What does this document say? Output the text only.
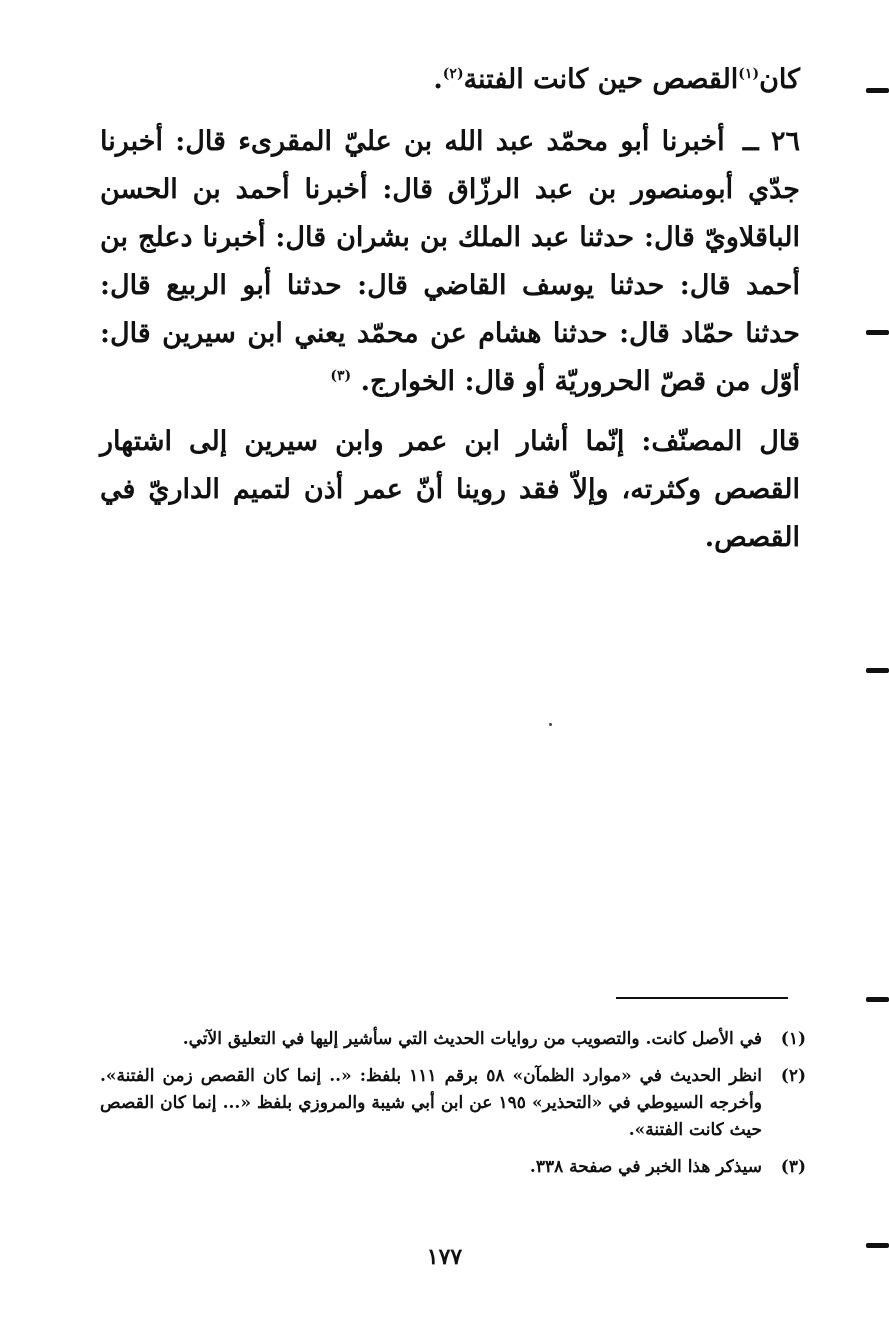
كان$^{(١)}$القصص حين كانت الفتنة$^{(٢)}$.

٢٦ ــ أخبرنا أبو محمّد عبد الله بن عليّ المقرىء قال: أخبرنا جدّي أبومنصور بن عبد الرزّاق قال: أخبرنا أحمد بن الحسن الباقلاويّ قال: حدثنا عبد الملك بن بشران قال: أخبرنا دعلج بن أحمد قال: حدثنا يوسف القاضي قال: حدثنا أبو الربيع قال: حدثنا حمّاد قال: حدثنا هشام عن محمّد يعني ابن سيرين قال: أوّل من قصّ الحروريّة أو قال: الخوارج. $^{(٣)}$

قال المصنّف: إنّما أشار ابن عمر وابن سيرين إلى اشتهار القصص وكثرته، وإلاّ فقد روينا أنّ عمر أذن لتميم الداريّ في القصص.

(١)
في الأصل كانت. والتصويب من روايات الحديث التي سأشير إليها في التعليق الآتي.
(٢)
انظر الحديث في «موارد الظمآن» ٥٨ برقم ١١١ بلفظ: «.. إنما كان القصص زمن الفتنة». وأخرجه السيوطي في «التحذير» ١٩٥ عن ابن أبي شيبة والمروزي بلفظ «... إنما كان القصص حيث كانت الفتنة».
(٣)
سيذكر هذا الخبر في صفحة ٣٣٨.
١٧٧
